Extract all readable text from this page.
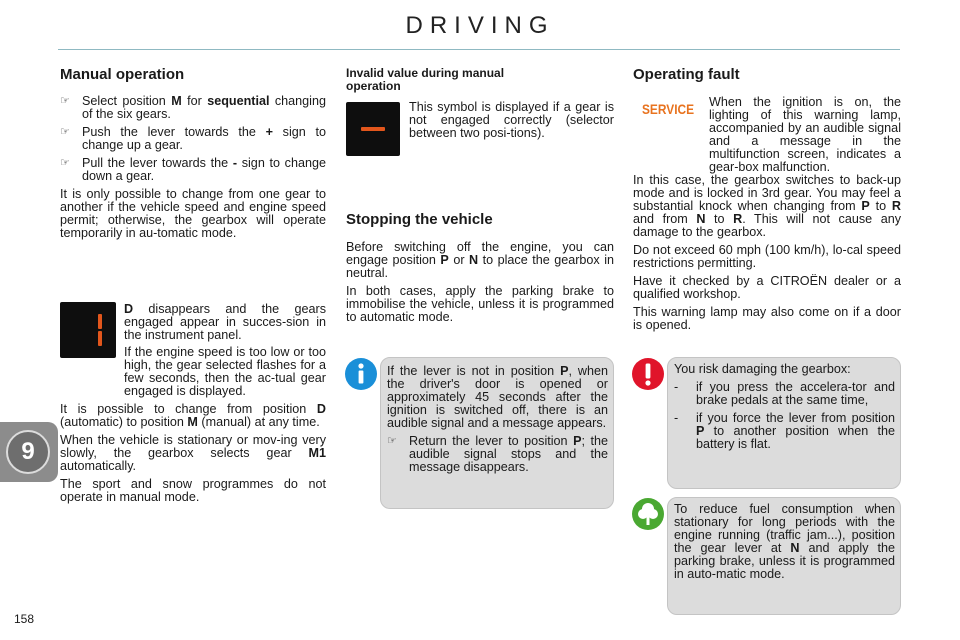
DRIVING
9
158
Manual operation
☞ Select position M for sequential changing of the six gears.
☞ Push the lever towards the + sign to change up a gear.
☞ Pull the lever towards the - sign to change down a gear.
It is only possible to change from one gear to another if the vehicle speed and engine speed permit; otherwise, the gearbox will operate temporarily in au-tomatic mode.
D disappears and the gears engaged appear in succes-sion in the instrument panel.
If the engine speed is too low or too high, the gear selected flashes for a few seconds, then the ac-tual gear engaged is displayed.
It is possible to change from position D (automatic) to position M (manual) at any time.
When the vehicle is stationary or mov-ing very slowly, the gearbox selects gear M1 automatically.
The sport and snow programmes do not operate in manual mode.
Invalid value during manual operation
This symbol is displayed if a gear is not engaged correctly (selector between two posi-tions).
Stopping the vehicle
Before switching off the engine, you can engage position P or N to place the gearbox in neutral.
In both cases, apply the parking brake to immobilise the vehicle, unless it is programmed to automatic mode.
If the lever is not in position P, when the driver's door is opened or approximately 45 seconds after the ignition is switched off, there is an audible signal and a message appears.
☞ Return the lever to position P; the audible signal stops and the message disappears.
Operating fault
SERVICE When the ignition is on, the lighting of this warning lamp, accompanied by an audible signal and a message in the multifunction screen, indicates a gear-box malfunction.
In this case, the gearbox switches to back-up mode and is locked in 3rd gear. You may feel a substantial knock when changing from P to R and from N to R. This will not cause any damage to the gearbox.
Do not exceed 60 mph (100 km/h), lo-cal speed restrictions permitting.
Have it checked by a CITROËN dealer or a qualified workshop.
This warning lamp may also come on if a door is opened.
You risk damaging the gearbox:
- if you press the accelera-tor and brake pedals at the same time,
- if you force the lever from position P to another position when the battery is flat.
To reduce fuel consumption when stationary for long periods with the engine running (traffic jam...), position the gear lever at N and apply the parking brake, unless it is programmed in auto-matic mode.
